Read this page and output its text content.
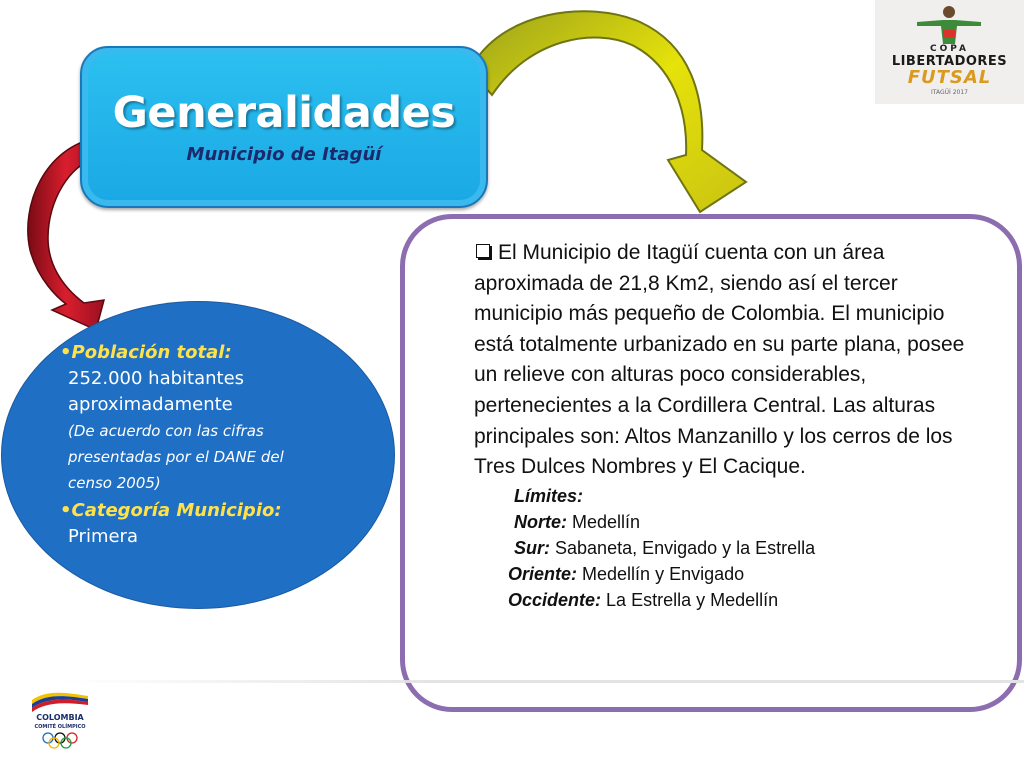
Generalidades
Municipio de Itagüí
•Población total:
252.000 habitantes aproximadamente
(De acuerdo con las cifras presentadas por el DANE del censo 2005)
•Categoría Municipio:
Primera
El Municipio de Itagüí cuenta con un área aproximada de 21,8 Km2, siendo así el tercer municipio más pequeño de Colombia. El municipio está totalmente urbanizado en su parte plana, posee un relieve con alturas poco considerables, pertenecientes a la Cordillera Central. Las alturas principales son: Altos Manzanillo y los cerros de los Tres Dulces Nombres y El Cacique.
Límites:
Norte: Medellín
Sur: Sabaneta, Envigado y la Estrella
Oriente: Medellín y Envigado
Occidente: La Estrella y Medellín
COPA
LIBERTADORES
FUTSAL
ITAGÜÍ 2017
COLOMBIA
COMITÉ OLÍMPICO
